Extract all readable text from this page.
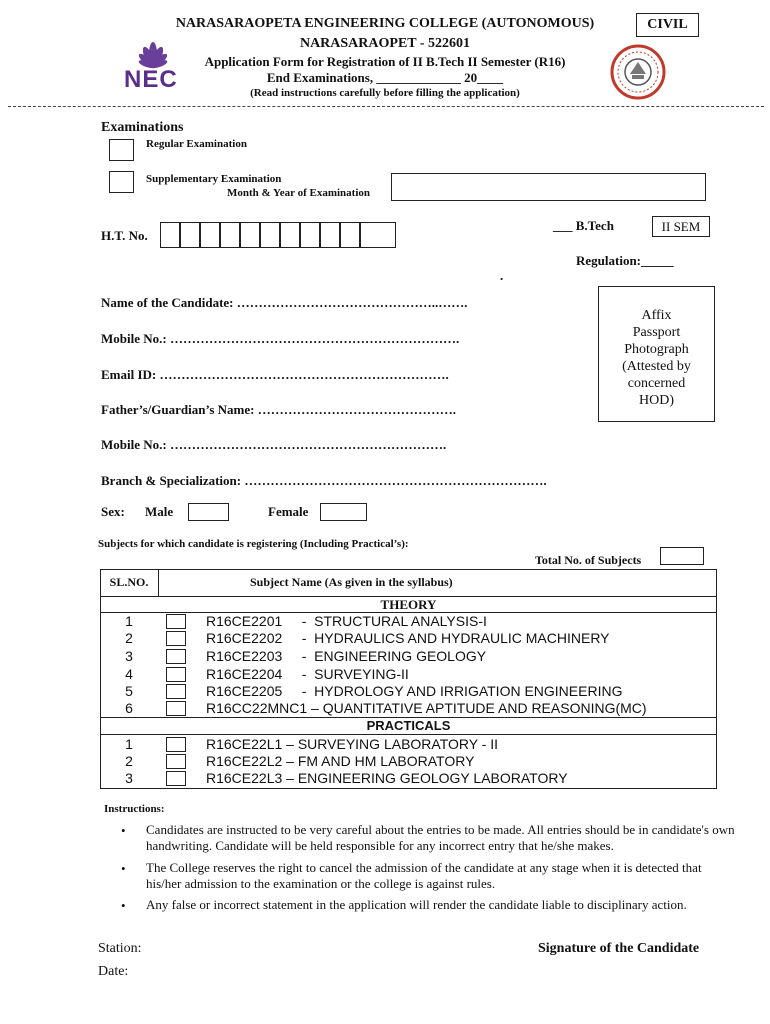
NARASARAOPETA ENGINEERING COLLEGE (AUTONOMOUS)
NARASARAOPET - 522601
Application Form for Registration of II B.Tech II Semester (R16)
End Examinations, _____________ 20____
(Read instructions carefully before filling the application)
CIVIL
NEC
Examinations
Regular Examination
Supplementary Examination
Month & Year of Examination
___ B.Tech	II SEM
H.T. No.
Regulation:_____
.
Name of the Candidate: ………………………………………..…….
Mobile No.: ………………………………………………………….
Email ID: ………………………………………………………….
Father’s/Guardian’s Name: ……………………………………….
Mobile No.: ……………………………………………………….
Branch & Specialization: …………………………………………………………….
Affix
Passport
Photograph
(Attested by
concerned
HOD)
Sex: Male	Female
Subjects for which candidate is registering (Including Practical’s):
Total No. of Subjects
SL.NO.	Subject Name (As given in the syllabus)
THEORY
1	R16CE2201     -  STRUCTURAL ANALYSIS-I
2	R16CE2202     -  HYDRAULICS AND HYDRAULIC MACHINERY
3	R16CE2203     -  ENGINEERING GEOLOGY
4	R16CE2204     -  SURVEYING-II
5	R16CE2205     -  HYDROLOGY AND IRRIGATION ENGINEERING
6	R16CC22MNC1 – QUANTITATIVE APTITUDE AND REASONING(MC)
PRACTICALS
1	R16CE22L1 – SURVEYING LABORATORY - II
2	R16CE22L2 – FM AND HM LABORATORY
3	R16CE22L3 – ENGINEERING GEOLOGY LABORATORY
Instructions:
• Candidates are instructed to be very careful about the entries to be made. All entries should be in candidate's own handwriting. Candidate will be held responsible for any incorrect entry that he/she makes.
• The College reserves the right to cancel the admission of the candidate at any stage when it is detected that his/her admission to the examination or the college is against rules.
• Any false or incorrect statement in the application will render the candidate liable to disciplinary action.
Station:
Date:
Signature of the Candidate
